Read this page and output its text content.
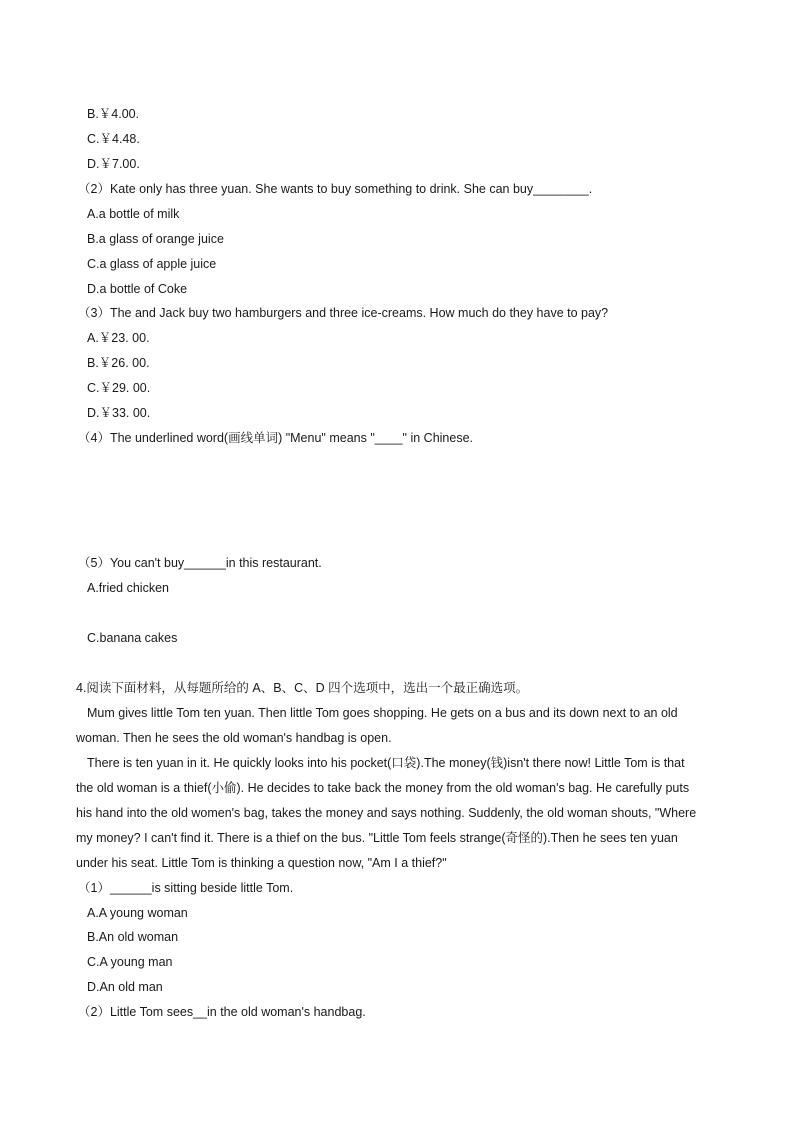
B.￥4.00.
C.￥4.48.
D.￥7.00.
（2）Kate only has three yuan. She wants to buy something to drink. She can buy________.
A.a bottle of milk
B.a glass of orange juice
C.a glass of apple juice
D.a bottle of Coke
（3）The and Jack buy two hamburgers and three ice-creams. How much do they have to pay?
A.￥23. 00.
B.￥26. 00.
C.￥29. 00.
D.￥33. 00.
（4）The underlined word(画线单词) "Menu" means "____" in Chinese.
（5）You can't buy______in this restaurant.
A.fried chicken
C.banana cakes
4.阅读下面材料，从每题所给的 A、B、C、D 四个选项中，选出一个最正确选项。
Mum gives little Tom ten yuan. Then little Tom goes shopping. He gets on a bus and its down next to an old
woman. Then he sees the old woman's handbag is open.
There is ten yuan in it. He quickly looks into his pocket(口袋).The money(钱)isn't there now! Little Tom is that
the old woman is a thief(小偷). He decides to take back the money from the old woman's bag. He carefully puts
his hand into the old women's bag, takes the money and says nothing. Suddenly, the old woman shouts, "Where
my money? I can't find it. There is a thief on the bus. "Little Tom feels strange(奇怪的).Then he sees ten yuan
under his seat. Little Tom is thinking a question now, "Am I a thief?"
（1）______is sitting beside little Tom.
A.A young woman
B.An old woman
C.A young man
D.An old man
（2）Little Tom sees__in the old woman's handbag.
